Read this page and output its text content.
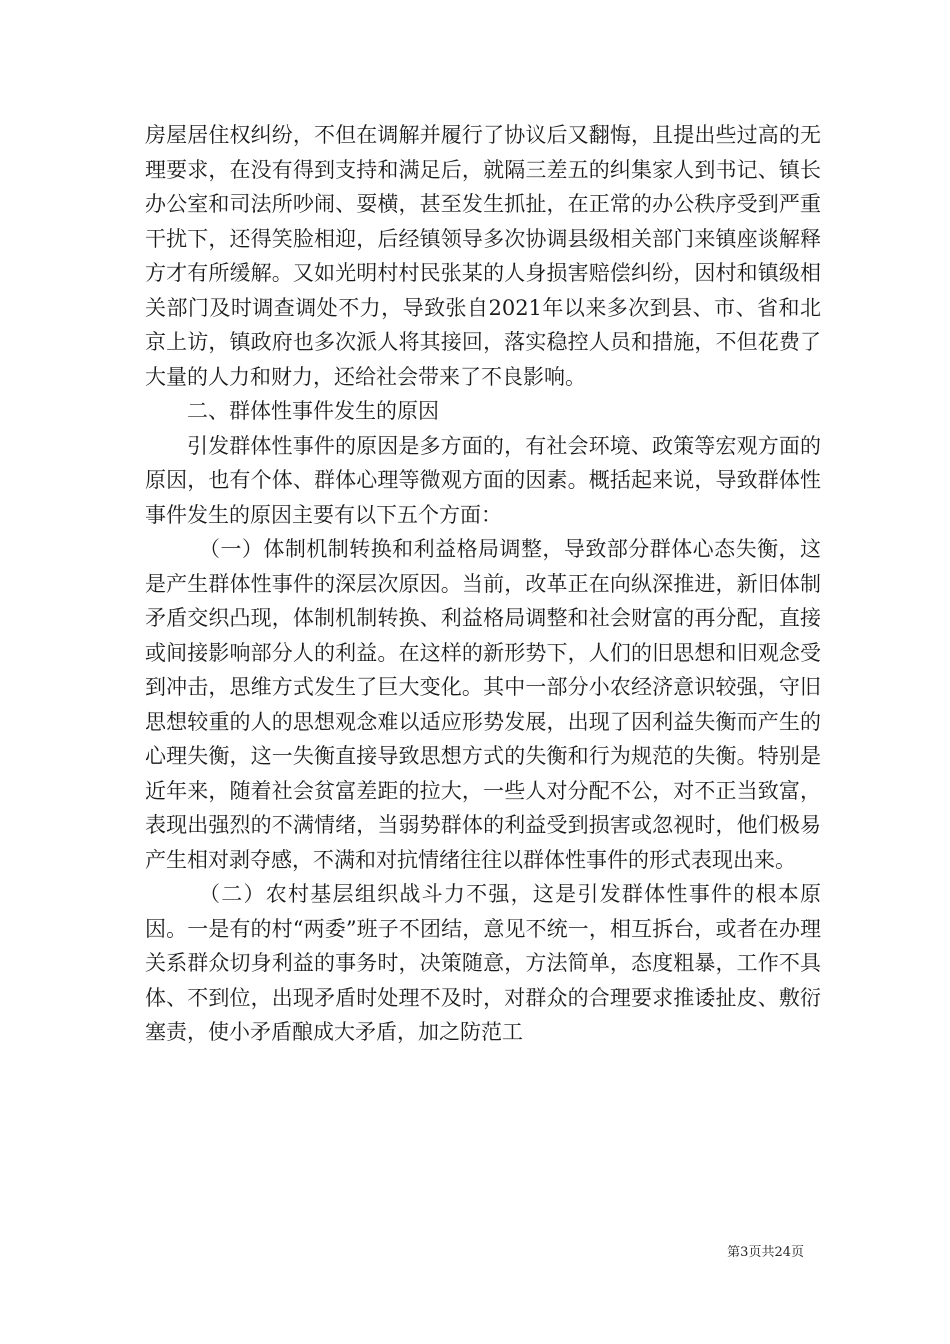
房屋居住权纠纷，不但在调解并履行了协议后又翻悔，且提出些过高的无理要求，在没有得到支持和满足后，就隔三差五的纠集家人到书记、镇长办公室和司法所吵闹、耍横，甚至发生抓扯，在正常的办公秩序受到严重干扰下，还得笑脸相迎，后经镇领导多次协调县级相关部门来镇座谈解释方才有所缓解。又如光明村村民张某的人身损害赔偿纠纷，因村和镇级相关部门及时调查调处不力，导致张自2021年以来多次到县、市、省和北京上访，镇政府也多次派人将其接回，落实稳控人员和措施，不但花费了大量的人力和财力，还给社会带来了不良影响。

二、群体性事件发生的原因

引发群体性事件的原因是多方面的，有社会环境、政策等宏观方面的原因，也有个体、群体心理等微观方面的因素。概括起来说，导致群体性事件发生的原因主要有以下五个方面：

（一）体制机制转换和利益格局调整，导致部分群体心态失衡，这是产生群体性事件的深层次原因。当前，改革正在向纵深推进，新旧体制矛盾交织凸现，体制机制转换、利益格局调整和社会财富的再分配，直接或间接影响部分人的利益。在这样的新形势下，人们的旧思想和旧观念受到冲击，思维方式发生了巨大变化。其中一部分小农经济意识较强，守旧思想较重的人的思想观念难以适应形势发展，出现了因利益失衡而产生的心理失衡，这一失衡直接导致思想方式的失衡和行为规范的失衡。特别是近年来，随着社会贫富差距的拉大，一些人对分配不公，对不正当致富，表现出强烈的不满情绪，当弱势群体的利益受到损害或忽视时，他们极易产生相对剥夺感，不满和对抗情绪往往以群体性事件的形式表现出来。

（二）农村基层组织战斗力不强，这是引发群体性事件的根本原因。一是有的村“两委”班子不团结，意见不统一，相互拆台，或者在办理关系群众切身利益的事务时，决策随意，方法简单，态度粗暴，工作不具体、不到位，出现矛盾时处理不及时，对群众的合理要求推诿扯皮、敷衍塞责，使小矛盾酿成大矛盾，加之防范工

第3页共24页
